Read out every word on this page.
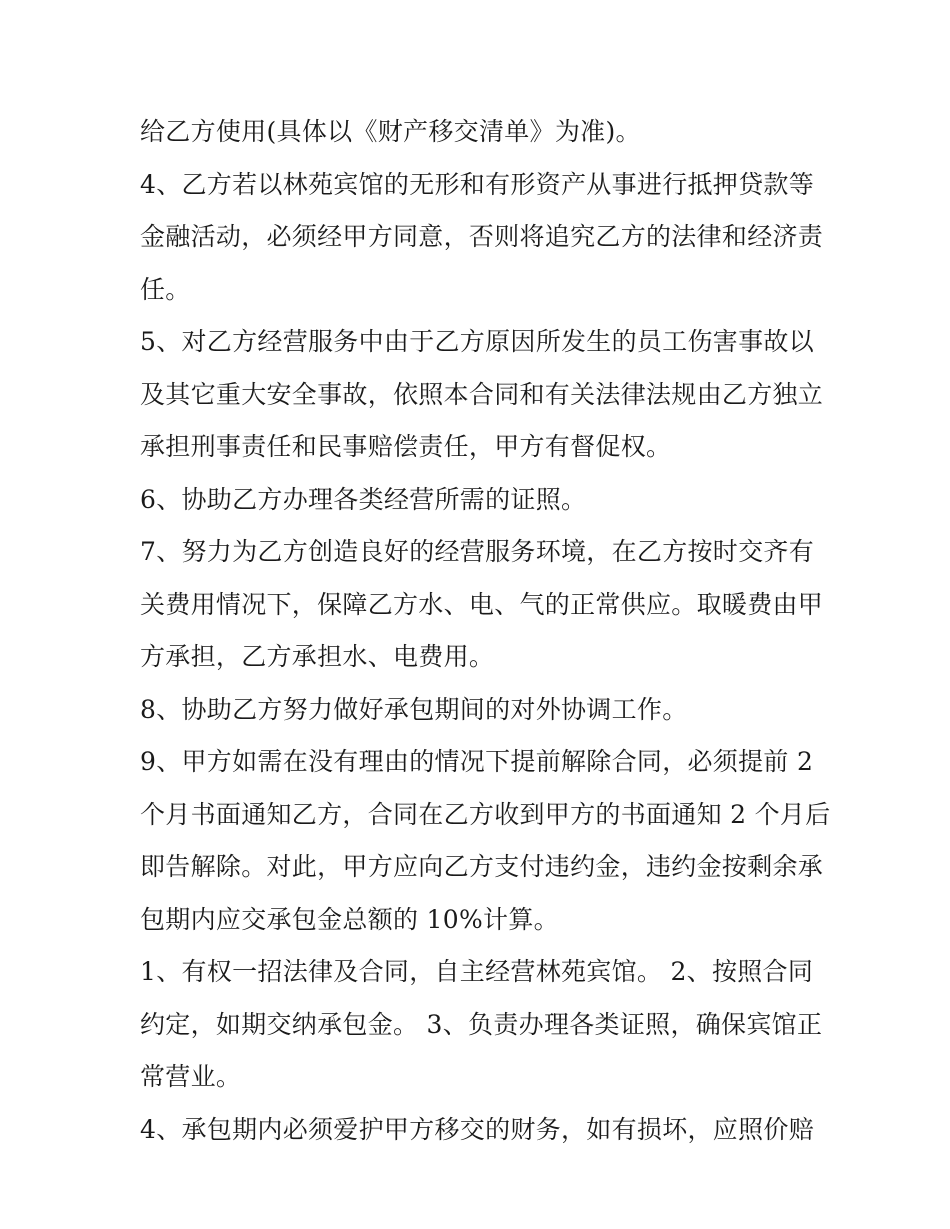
给乙方使用(具体以《财产移交清单》为准)。

4、乙方若以林苑宾馆的无形和有形资产从事进行抵押贷款等

金融活动，必须经甲方同意，否则将追究乙方的法律和经济责

任。

5、对乙方经营服务中由于乙方原因所发生的员工伤害事故以

及其它重大安全事故，依照本合同和有关法律法规由乙方独立

承担刑事责任和民事赔偿责任，甲方有督促权。

6、协助乙方办理各类经营所需的证照。

7、努力为乙方创造良好的经营服务环境，在乙方按时交齐有

关费用情况下，保障乙方水、电、气的正常供应。取暖费由甲

方承担，乙方承担水、电费用。

8、协助乙方努力做好承包期间的对外协调工作。

9、甲方如需在没有理由的情况下提前解除合同，必须提前 2

个月书面通知乙方，合同在乙方收到甲方的书面通知 2 个月后

即告解除。对此，甲方应向乙方支付违约金，违约金按剩余承

包期内应交承包金总额的 10%计算。

1、有权一招法律及合同，自主经营林苑宾馆。 2、按照合同

约定，如期交纳承包金。 3、负责办理各类证照，确保宾馆正

常营业。

4、承包期内必须爱护甲方移交的财务，如有损坏，应照价赔
